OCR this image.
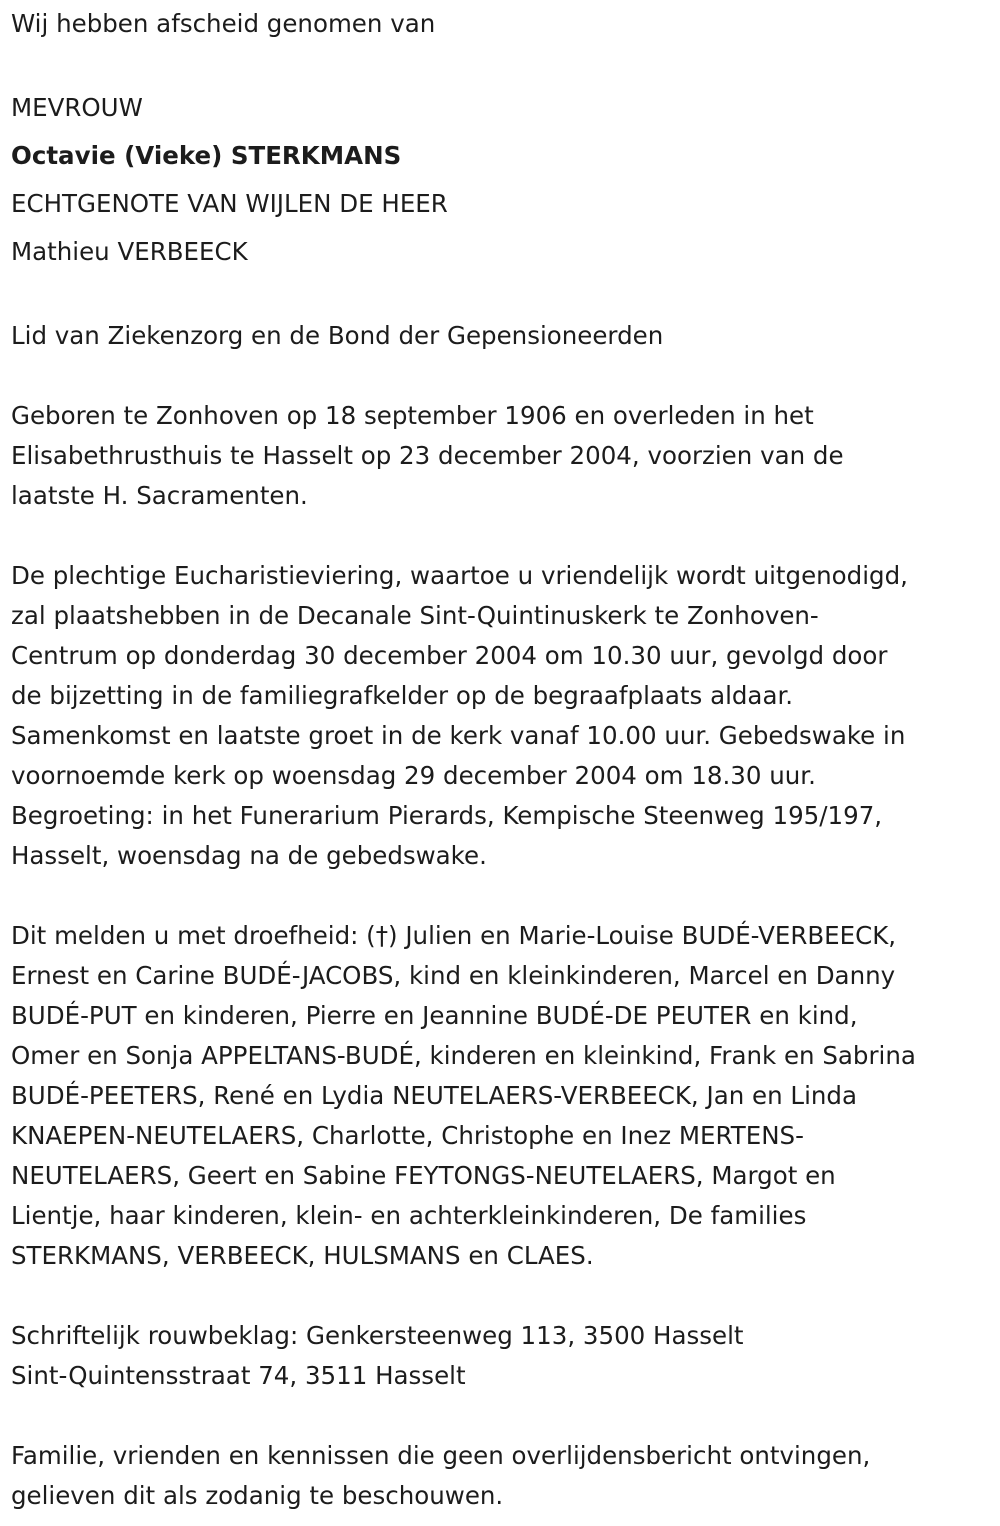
Wij hebben afscheid genomen van
MEVROUW
Octavie (Vieke) STERKMANS
ECHTGENOTE VAN WIJLEN DE HEER
Mathieu VERBEECK
Lid van Ziekenzorg en de Bond der Gepensioneerden
Geboren te Zonhoven op 18 september 1906 en overleden in het
Elisabethrusthuis te Hasselt op 23 december 2004, voorzien van de
laatste H. Sacramenten.
De plechtige Eucharistieviering, waartoe u vriendelijk wordt uitgenodigd,
zal plaatshebben in de Decanale Sint-Quintinuskerk te Zonhoven-
Centrum op donderdag 30 december 2004 om 10.30 uur, gevolgd door
de bijzetting in de familiegrafkelder op de begraafplaats aldaar.
Samenkomst en laatste groet in de kerk vanaf 10.00 uur. Gebedswake in
voornoemde kerk op woensdag 29 december 2004 om 18.30 uur.
Begroeting: in het Funerarium Pierards, Kempische Steenweg 195/197,
Hasselt, woensdag na de gebedswake.
Dit melden u met droefheid: (†) Julien en Marie-Louise BUDÉ-VERBEECK,
Ernest en Carine BUDÉ-JACOBS, kind en kleinkinderen, Marcel en Danny
BUDÉ-PUT en kinderen, Pierre en Jeannine BUDÉ-DE PEUTER en kind,
Omer en Sonja APPELTANS-BUDÉ, kinderen en kleinkind, Frank en Sabrina
BUDÉ-PEETERS, René en Lydia NEUTELAERS-VERBEECK, Jan en Linda
KNAEPEN-NEUTELAERS, Charlotte, Christophe en Inez MERTENS-
NEUTELAERS, Geert en Sabine FEYTONGS-NEUTELAERS, Margot en
Lientje, haar kinderen, klein- en achterkleinkinderen, De families
STERKMANS, VERBEECK, HULSMANS en CLAES.
Schriftelijk rouwbeklag: Genkersteenweg 113, 3500 Hasselt
Sint-Quintensstraat 74, 3511 Hasselt
Familie, vrienden en kennissen die geen overlijdensbericht ontvingen,
gelieven dit als zodanig te beschouwen.
